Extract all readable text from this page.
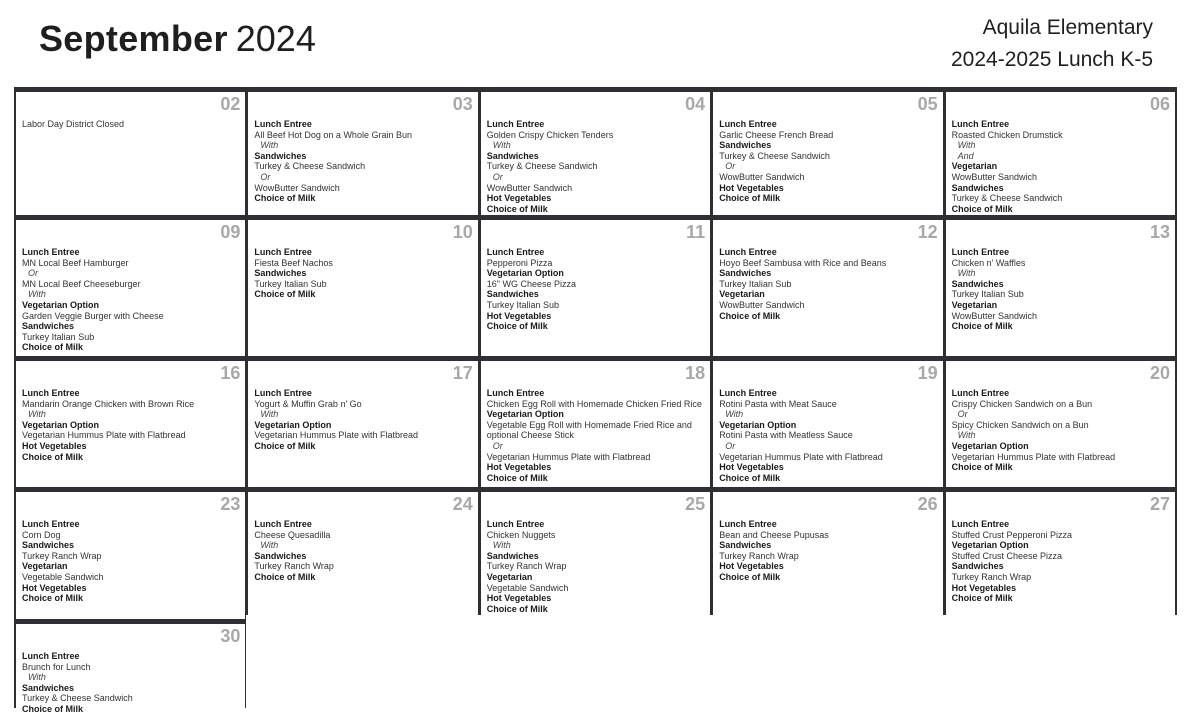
September 2024	Aquila Elementary
2024-2025 Lunch K-5
02
Labor Day District Closed
03
Lunch Entree
All Beef Hot Dog on a Whole Grain Bun
With
Sandwiches
Turkey & Cheese Sandwich
Or
WowButter Sandwich
Choice of Milk
04
Lunch Entree
Golden Crispy Chicken Tenders
With
Sandwiches
Turkey & Cheese Sandwich
Or
WowButter Sandwich
Hot Vegetables
Choice of Milk
05
Lunch Entree
Garlic Cheese French Bread
Sandwiches
Turkey & Cheese Sandwich
Or
WowButter Sandwich
Hot Vegetables
Choice of Milk
06
Lunch Entree
Roasted Chicken Drumstick
With
And
Vegetarian
WowButter Sandwich
Sandwiches
Turkey & Cheese Sandwich
Choice of Milk
09
Lunch Entree
MN Local Beef Hamburger
Or
MN Local Beef Cheeseburger
With
Vegetarian Option
Garden Veggie Burger with Cheese
Sandwiches
Turkey Italian Sub
Choice of Milk
10
Lunch Entree
Fiesta Beef Nachos
Sandwiches
Turkey Italian Sub
Choice of Milk
11
Lunch Entree
Pepperoni Pizza
Vegetarian Option
16" WG Cheese Pizza
Sandwiches
Turkey Italian Sub
Hot Vegetables
Choice of Milk
12
Lunch Entree
Hoyo Beef Sambusa with Rice and Beans
Sandwiches
Turkey Italian Sub
Vegetarian
WowButter Sandwich
Choice of Milk
13
Lunch Entree
Chicken n' Waffles
With
Sandwiches
Turkey Italian Sub
Vegetarian
WowButter Sandwich
Choice of Milk
16
Lunch Entree
Mandarin Orange Chicken with Brown Rice
With
Vegetarian Option
Vegetarian Hummus Plate with Flatbread
Hot Vegetables
Choice of Milk
17
Lunch Entree
Yogurt & Muffin Grab n' Go
With
Vegetarian Option
Vegetarian Hummus Plate with Flatbread
Choice of Milk
18
Lunch Entree
Chicken Egg Roll with Homemade Chicken Fried Rice
Vegetarian Option
Vegetable Egg Roll with Homemade Fried Rice and optional Cheese Stick
Or
Vegetarian Hummus Plate with Flatbread
Hot Vegetables
Choice of Milk
19
Lunch Entree
Rotini Pasta with Meat Sauce
With
Vegetarian Option
Rotini Pasta with Meatless Sauce
Or
Vegetarian Hummus Plate with Flatbread
Hot Vegetables
Choice of Milk
20
Lunch Entree
Crispy Chicken Sandwich on a Bun
Or
Spicy Chicken Sandwich on a Bun
With
Vegetarian Option
Vegetarian Hummus Plate with Flatbread
Choice of Milk
23
Lunch Entree
Corn Dog
Sandwiches
Turkey Ranch Wrap
Vegetarian
Vegetable Sandwich
Hot Vegetables
Choice of Milk
24
Lunch Entree
Cheese Quesadilla
With
Sandwiches
Turkey Ranch Wrap
Choice of Milk
25
Lunch Entree
Chicken Nuggets
With
Sandwiches
Turkey Ranch Wrap
Vegetarian
Vegetable Sandwich
Hot Vegetables
Choice of Milk
26
Lunch Entree
Bean and Cheese Pupusas
Sandwiches
Turkey Ranch Wrap
Hot Vegetables
Choice of Milk
27
Lunch Entree
Stuffed Crust Pepperoni Pizza
Vegetarian Option
Stuffed Crust Cheese Pizza
Sandwiches
Turkey Ranch Wrap
Hot Vegetables
Choice of Milk
30
Lunch Entree
Brunch for Lunch
With
Sandwiches
Turkey & Cheese Sandwich
Choice of Milk
